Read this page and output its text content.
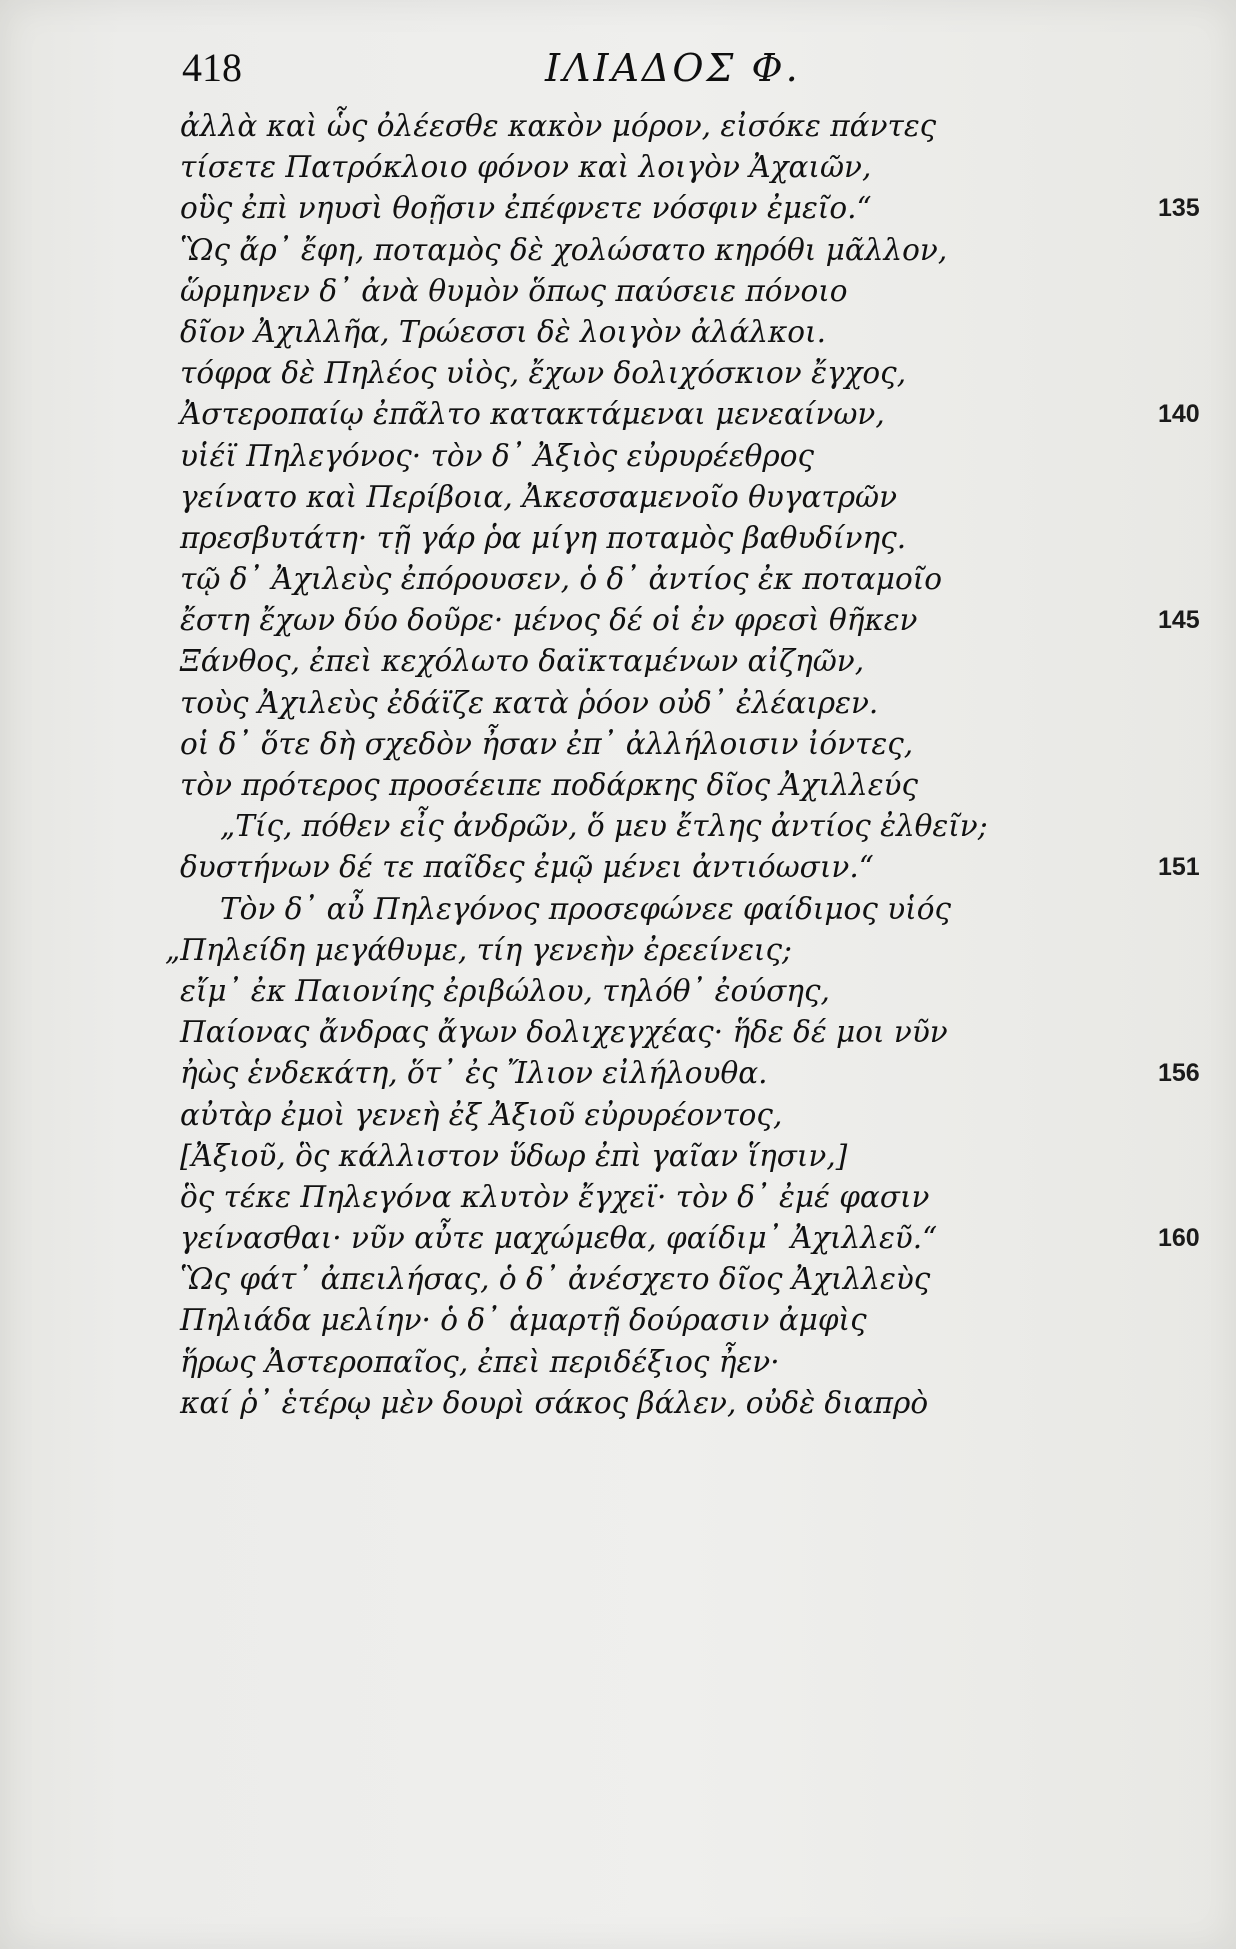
418	ΙΛΙΑΔΟΣ Φ.
ἀλλὰ καὶ ὧς ὀλέεσθε κακὸν μόρον, εἰσόκε πάντες
τίσετε Πατρόκλοιο φόνον καὶ λοιγὸν Ἀχαιῶν,
οὓς ἐπὶ νηυσὶ θοῇσιν ἐπέφνετε νόσφιν ἐμεῖο.“	135
Ὣς ἄρ᾽ ἔφη, ποταμὸς δὲ χολώσατο κηρόθι μᾶλλον,
ὥρμηνεν δ᾽ ἀνὰ θυμὸν ὅπως παύσειε πόνοιο
δῖον Ἀχιλλῆα, Τρώεσσι δὲ λοιγὸν ἀλάλκοι.
τόφρα δὲ Πηλέος υἱὸς, ἔχων δολιχόσκιον ἔγχος,
Ἀστεροπαίῳ ἐπᾶλτο κατακτάμεναι μενεαίνων,	140
υἱέϊ Πηλεγόνος· τὸν δ᾽ Ἀξιὸς εὐρυρέεθρος
γείνατο καὶ Περίβοια, Ἀκεσσαμενοῖο θυγατρῶν
πρεσβυτάτη· τῇ γάρ ῥα μίγη ποταμὸς βαθυδίνης.
τῷ δ᾽ Ἀχιλεὺς ἐπόρουσεν, ὁ δ᾽ ἀντίος ἐκ ποταμοῖο
ἔστη ἔχων δύο δοῦρε· μένος δέ οἱ ἐν φρεσὶ θῆκεν	145
Ξάνθος, ἐπεὶ κεχόλωτο δαϊκταμένων αἰζηῶν,
τοὺς Ἀχιλεὺς ἐδάϊζε κατὰ ῥόον οὐδ᾽ ἐλέαιρεν.
οἱ δ᾽ ὅτε δὴ σχεδὸν ἦσαν ἐπ᾽ ἀλλήλοισιν ἰόντες,
τὸν πρότερος προσέειπε ποδάρκης δῖος Ἀχιλλεύς
„Τίς, πόθεν εἶς ἀνδρῶν, ὅ μευ ἔτλης ἀντίος ἐλθεῖν;
δυστήνων δέ τε παῖδες ἐμῷ μένει ἀντιόωσιν.“	151
Τὸν δ᾽ αὖ Πηλεγόνος προσεφώνεε φαίδιμος υἱός
„Πηλείδη μεγάθυμε, τίη γενεὴν ἐρεείνεις;
εἴμ᾽ ἐκ Παιονίης ἐριβώλου, τηλόθ᾽ ἐούσης,
Παίονας ἄνδρας ἄγων δολιχεγχέας· ἥδε δέ μοι νῦν
ἠὼς ἑνδεκάτη, ὅτ᾽ ἐς Ἴλιον εἰλήλουθα.	156
αὐτὰρ ἐμοὶ γενεὴ ἐξ Ἀξιοῦ εὐρυρέοντος,
[Ἀξιοῦ, ὃς κάλλιστον ὕδωρ ἐπὶ γαῖαν ἵησιν,]
ὃς τέκε Πηλεγόνα κλυτὸν ἔγχεϊ· τὸν δ᾽ ἐμέ φασιν
γείνασθαι· νῦν αὖτε μαχώμεθα, φαίδιμ᾽ Ἀχιλλεῦ.“	160
Ὣς φάτ᾽ ἀπειλήσας, ὁ δ᾽ ἀνέσχετο δῖος Ἀχιλλεὺς
Πηλιάδα μελίην· ὁ δ᾽ ἁμαρτῇ δούρασιν ἀμφὶς
ἥρως Ἀστεροπαῖος, ἐπεὶ περιδέξιος ἦεν·
καί ῥ᾽ ἑτέρῳ μὲν δουρὶ σάκος βάλεν, οὐδὲ διαπρὸ
